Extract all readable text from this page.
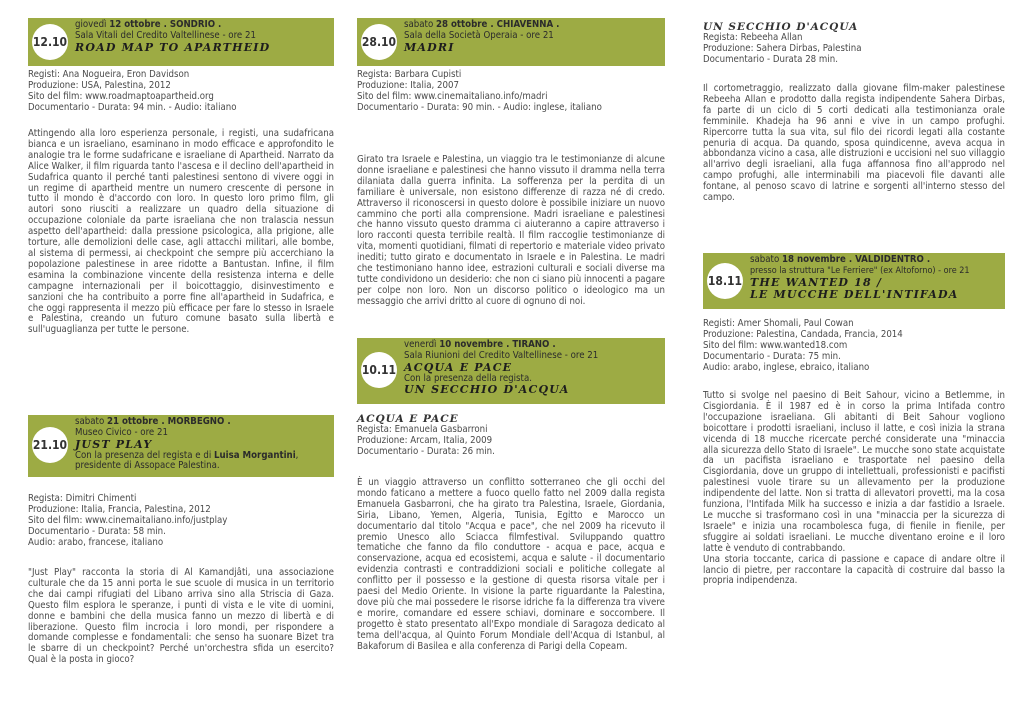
12.10
giovedì 12 ottobre . SONDRIO .
Sala Vitali del Credito Valtellinese - ore 21
ROAD MAP TO APARTHEID
Registi: Ana Nogueira, Eron Davidson
Produzione: USA, Palestina, 2012
Sito del film: www.roadmaptoapartheid.org
Documentario - Durata: 94 min. - Audio: italiano

Attingendo alla loro esperienza personale, i registi, una sudafricana bianca e un israeliano, esaminano in modo efficace e approfondito le analogie tra le forme sudafricane e israeliane di Apartheid. Narrato da Alice Walker, il film riguarda tanto l'ascesa e il declino dell'apartheid in Sudafrica quanto il perché tanti palestinesi sentono di vivere oggi in un regime di apartheid mentre un numero crescente di persone in tutto il mondo è d'accordo con loro. In questo loro primo film, gli autori sono riusciti a realizzare un quadro della situazione di occupazione coloniale da parte israeliana che non tralascia nessun aspetto dell'apartheid: dalla pressione psicologica, alla prigione, alle torture, alle demolizioni delle case, agli attacchi militari, alle bombe, al sistema di permessi, ai checkpoint che sempre più accerchiano la popolazione palestinese in aree ridotte a Bantustan. Infine, il film esamina la combinazione vincente della resistenza interna e delle campagne internazionali per il boicottaggio, disinvestimento e sanzioni che ha contribuito a porre fine all'apartheid in Sudafrica, e che oggi rappresenta il mezzo più efficace per fare lo stesso in Israele e Palestina, creando un futuro comune basato sulla libertà e sull'uguaglianza per tutte le persone.

21.10
sabato 21 ottobre . MORBEGNO .
Museo Civico - ore 21
JUST PLAY
Con la presenza del regista e di Luisa Morgantini,
presidente di Assopace Palestina.
Regista: Dimitri Chimenti
Produzione: Italia, Francia, Palestina, 2012
Sito del film: www.cinemaitaliano.info/justplay
Documentario - Durata: 58 min.
Audio: arabo, francese, italiano

"Just Play" racconta la storia di Al Kamandjâti, una associazione culturale che da 15 anni porta le sue scuole di musica in un territorio che dai campi rifugiati del Libano arriva sino alla Striscia di Gaza. Questo film esplora le speranze, i punti di vista e le vite di uomini, donne e bambini che della musica fanno un mezzo di libertà e di liberazione. Questo film incrocia i loro mondi, per rispondere a domande complesse e fondamentali: che senso ha suonare Bizet tra le sbarre di un checkpoint? Perché un'orchestra sfida un esercito? Qual è la posta in gioco?

28.10
sabato 28 ottobre . CHIAVENNA .
Sala della Società Operaia - ore 21
MADRI
Regista: Barbara Cupisti
Produzione: Italia, 2007
Sito del film: www.cinemaitaliano.info/madri
Documentario - Durata: 90 min. - Audio: inglese, italiano

Girato tra Israele e Palestina, un viaggio tra le testimonianze di alcune donne israeliane e palestinesi che hanno vissuto il dramma nella terra dilaniata dalla guerra infinita. La sofferenza per la perdita di un familiare è universale, non esistono differenze di razza né di credo. Attraverso il riconoscersi in questo dolore è possibile iniziare un nuovo cammino che porti alla comprensione. Madri israeliane e palestinesi che hanno vissuto questo dramma ci aiuteranno a capire attraverso i loro racconti questa terribile realtà. Il film raccoglie testimonianze di vita, momenti quotidiani, filmati di repertorio e materiale video privato inediti; tutto girato e documentato in Israele e in Palestina. Le madri che testimoniano hanno idee, estrazioni culturali e sociali diverse ma tutte condividono un desiderio: che non ci siano più innocenti a pagare per colpe non loro. Non un discorso politico o ideologico ma un messaggio che arrivi dritto al cuore di ognuno di noi.

10.11
venerdì 10 novembre . TIRANO .
Sala Riunioni del Credito Valtellinese - ore 21
ACQUA E PACE
Con la presenza della regista.
UN SECCHIO D'ACQUA
ACQUA E PACE
Regista: Emanuela Gasbarroni
Produzione: Arcam, Italia, 2009
Documentario - Durata: 26 min.

È un viaggio attraverso un conflitto sotterraneo che gli occhi del mondo faticano a mettere a fuoco quello fatto nel 2009 dalla regista Emanuela Gasbarroni, che ha girato tra Palestina, Israele, Giordania, Siria, Libano, Yemen, Algeria, Tunisia, Egitto e Marocco un documentario dal titolo "Acqua e pace", che nel 2009 ha ricevuto il premio Unesco allo Sciacca filmfestival. Sviluppando quattro tematiche che fanno da filo conduttore - acqua e pace, acqua e conservazione, acqua ed ecosistemi, acqua e salute - il documentario evidenzia contrasti e contraddizioni sociali e politiche collegate al conflitto per il possesso e la gestione di questa risorsa vitale per i paesi del Medio Oriente. In visione la parte riguardante la Palestina, dove più che mai possedere le risorse idriche fa la differenza tra vivere e morire, comandare ed essere schiavi, dominare e soccombere. Il progetto è stato presentato all'Expo mondiale di Saragoza dedicato al tema dell'acqua, al Quinto Forum Mondiale dell'Acqua di Istanbul, al Bakaforum di Basilea e alla conferenza di Parigi della Copeam.

UN SECCHIO D'ACQUA
Regista: Rebeeha Allan
Produzione: Sahera Dirbas, Palestina
Documentario - Durata 28 min.

Il cortometraggio, realizzato dalla giovane film-maker palestinese Rebeeha Allan e prodotto dalla regista indipendente Sahera Dirbas, fa parte di un ciclo di 5 corti dedicati alla testimonianza orale femminile. Khadeja ha 96 anni e vive in un campo profughi. Ripercorre tutta la sua vita, sul filo dei ricordi legati alla costante penuria di acqua. Da quando, sposa quindicenne, aveva acqua in abbondanza vicino a casa, alle distruzioni e uccisioni nel suo villaggio all'arrivo degli israeliani, alla fuga affannosa fino all'approdo nel campo profughi, alle interminabili ma piacevoli file davanti alle fontane, al penoso scavo di latrine e sorgenti all'interno stesso del campo.

18.11
sabato 18 novembre . VALDIDENTRO .
presso la struttura "Le Ferriere" (ex Altoforno) - ore 21
THE WANTED 18 /
LE MUCCHE DELL'INTIFADA
Registi: Amer Shomali, Paul Cowan
Produzione: Palestina, Candada, Francia, 2014
Sito del film: www.wanted18.com
Documentario - Durata: 75 min.
Audio: arabo, inglese, ebraico, italiano

Tutto si svolge nel paesino di Beit Sahour, vicino a Betlemme, in Cisgiordania. È il 1987 ed è in corso la prima Intifada contro l'occupazione israeliana. Gli abitanti di Beit Sahour vogliono boicottare i prodotti israeliani, incluso il latte, e così inizia la strana vicenda di 18 mucche ricercate perché considerate una "minaccia alla sicurezza dello Stato di Israele". Le mucche sono state acquistate da un pacifista israeliano e trasportate nel paesino della Cisgiordania, dove un gruppo di intellettuali, professionisti e pacifisti palestinesi vuole tirare su un allevamento per la produzione indipendente del latte. Non si tratta di allevatori provetti, ma la cosa funziona, l'Intifada Milk ha successo e inizia a dar fastidio a Israele. Le mucche si trasformano così in una "minaccia per la sicurezza di Israele" e inizia una rocambolesca fuga, di fienile in fienile, per sfuggire ai soldati israeliani. Le mucche diventano eroine e il loro latte è venduto di contrabbando.

Una storia toccante, carica di passione e capace di andare oltre il lancio di pietre, per raccontare la capacità di costruire dal basso la propria indipendenza.
